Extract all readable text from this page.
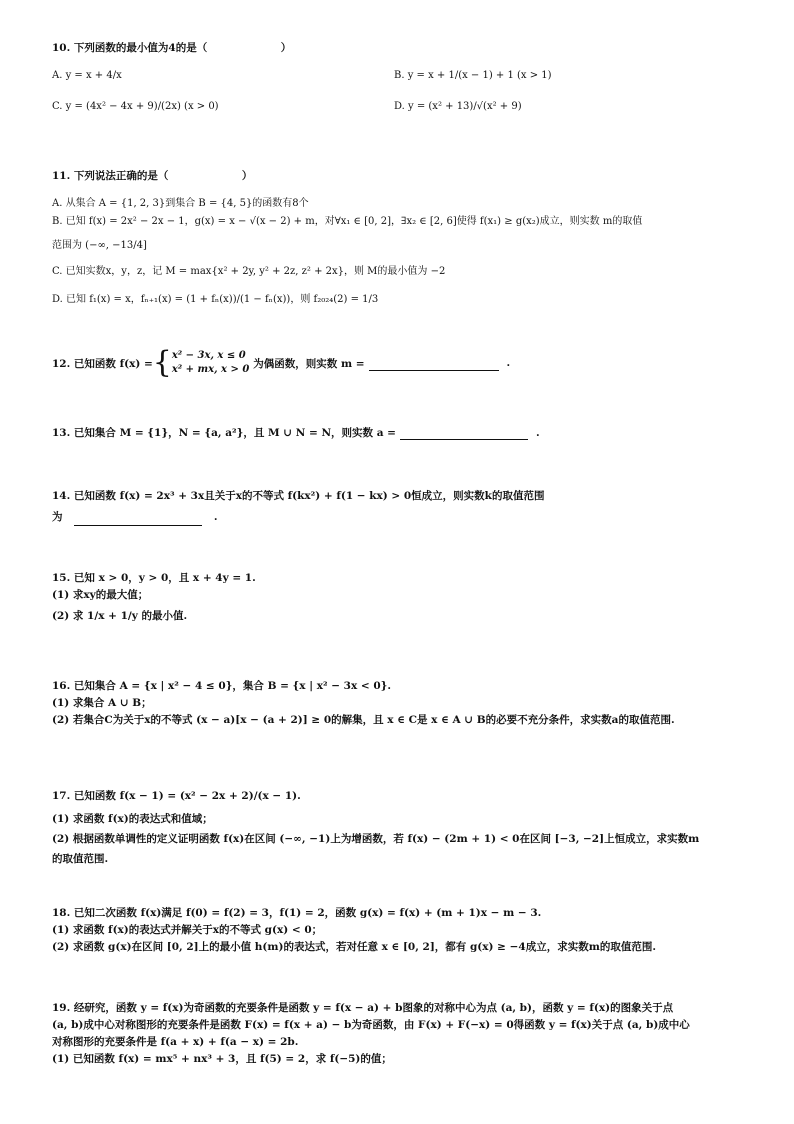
10. 下列函数的最小值为4的是（　　　　　　　）
A. y = x + 4/x	B. y = x + 1/(x − 1) + 1 (x > 1)
C. y = (4x² − 4x + 9)/(2x) (x > 0)	D. y = (x² + 13)/√(x² + 9)
11. 下列说法正确的是（　　　　　　　）
A. 从集合 A = {1, 2, 3}到集合 B = {4, 5}的函数有8个
B. 已知 f(x) = 2x² − 2x − 1，g(x) = x − √(x − 2) + m，对∀x₁ ∈ [0, 2]，∃x₂ ∈ [2, 6]使得 f(x₁) ≥ g(x₂)成立，则实数 m的取值
范围为 (−∞, −13/4]
C. 已知实数x，y，z，记 M = max{x² + 2y, y² + 2z, z² + 2x}，则 M的最小值为 −2
D. 已知 f₁(x) = x，fₙ₊₁(x) = (1 + fₙ(x))/(1 − fₙ(x))，则 f₂₀₂₄(2) = 1/3
12. 已知函数 f(x) = { x² − 3x, x ≤ 0
x² + mx, x > 0 为偶函数，则实数 m =	.
13. 已知集合 M = {1}，N = {a, a²}，且 M ∪ N = N，则实数 a =	.
14. 已知函数 f(x) = 2x³ + 3x且关于x的不等式 f(kx²) + f(1 − kx) > 0恒成立，则实数k的取值范围
为	.
15. 已知 x > 0，y > 0，且 x + 4y = 1.
(1) 求xy的最大值；
(2) 求 1/x + 1/y 的最小值.
16. 已知集合 A = {x | x² − 4 ≤ 0}，集合 B = {x | x² − 3x < 0}.
(1) 求集合 A ∪ B；
(2) 若集合C为关于x的不等式 (x − a)[x − (a + 2)] ≥ 0的解集，且 x ∈ C是 x ∈ A ∪ B的必要不充分条件，求实数a的取值范围.
17. 已知函数 f(x − 1) = (x² − 2x + 2)/(x − 1).
(1) 求函数 f(x)的表达式和值域；
(2) 根据函数单调性的定义证明函数 f(x)在区间 (−∞, −1)上为增函数，若 f(x) − (2m + 1) < 0在区间 [−3, −2]上恒成立，求实数m
的取值范围.
18. 已知二次函数 f(x)满足 f(0) = f(2) = 3，f(1) = 2，函数 g(x) = f(x) + (m + 1)x − m − 3.
(1) 求函数 f(x)的表达式并解关于x的不等式 g(x) < 0；
(2) 求函数 g(x)在区间 [0, 2]上的最小值 h(m)的表达式，若对任意 x ∈ [0, 2]，都有 g(x) ≥ −4成立，求实数m的取值范围.
19. 经研究，函数 y = f(x)为奇函数的充要条件是函数 y = f(x − a) + b图象的对称中心为点 (a, b)，函数 y = f(x)的图象关于点
(a, b)成中心对称图形的充要条件是函数 F(x) = f(x + a) − b为奇函数，由 F(x) + F(−x) = 0得函数 y = f(x)关于点 (a, b)成中心
对称图形的充要条件是 f(a + x) + f(a − x) = 2b.
(1) 已知函数 f(x) = mx⁵ + nx³ + 3，且 f(5) = 2，求 f(−5)的值；
